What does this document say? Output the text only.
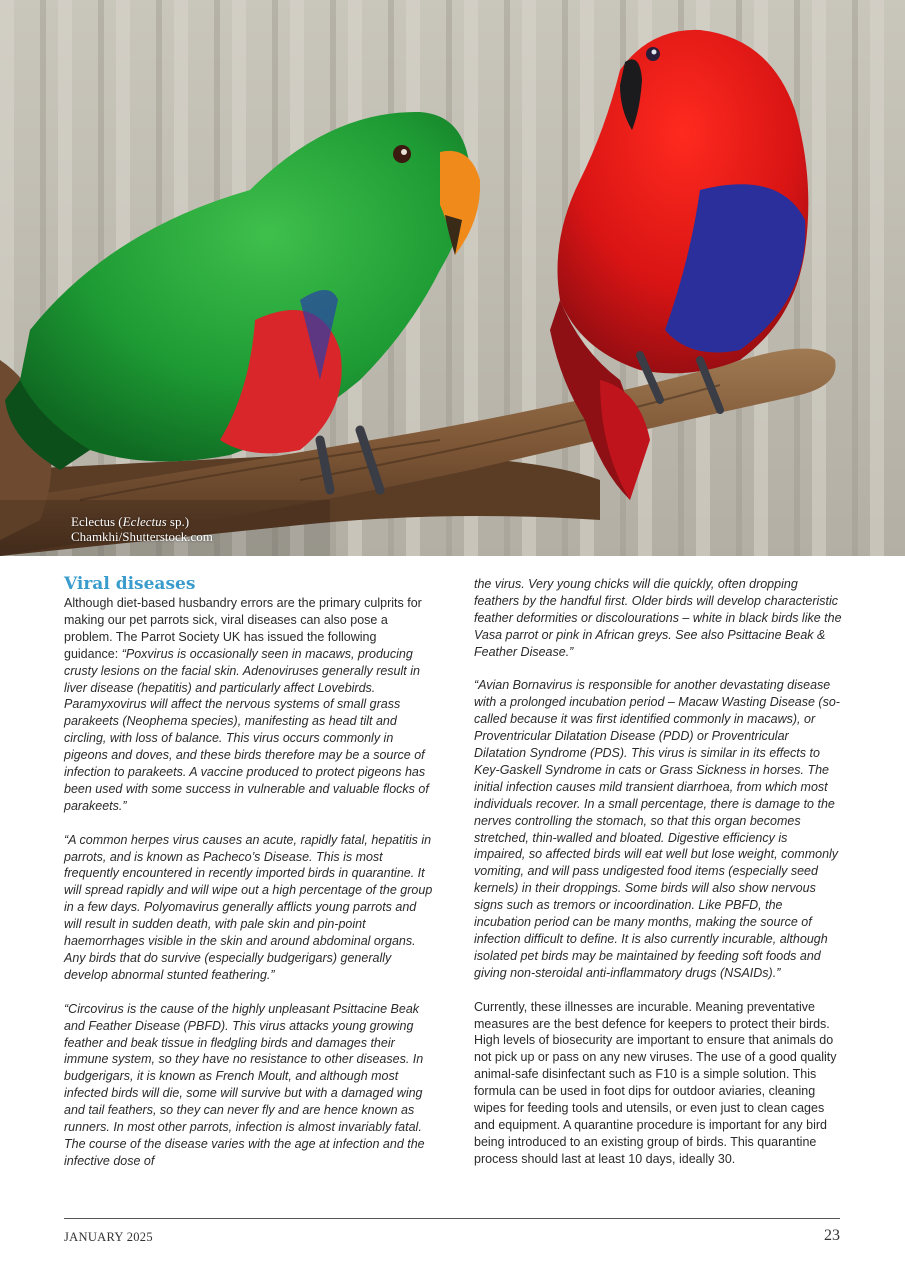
Eclectus (Eclectus sp.)
Chamkhi/Shutterstock.com
Viral diseases

Although diet-based husbandry errors are the primary culprits for making our pet parrots sick, viral diseases can also pose a problem. The Parrot Society UK has issued the following guidance: “Poxvirus is occasionally seen in macaws, producing crusty lesions on the facial skin. Adenoviruses generally result in liver disease (hepatitis) and particularly affect Lovebirds. Paramyxovirus will affect the nervous systems of small grass parakeets (Neophema species), manifesting as head tilt and circling, with loss of balance. This virus occurs commonly in pigeons and doves, and these birds therefore may be a source of infection to parakeets. A vaccine produced to protect pigeons has been used with some success in vulnerable and valuable flocks of parakeets.”

“A common herpes virus causes an acute, rapidly fatal, hepatitis in parrots, and is known as Pacheco’s Disease. This is most frequently encountered in recently imported birds in quarantine. It will spread rapidly and will wipe out a high percentage of the group in a few days. Polyomavirus generally afflicts young parrots and will result in sudden death, with pale skin and pin-point haemorrhages visible in the skin and around abdominal organs. Any birds that do survive (especially budgerigars) generally develop abnormal stunted feathering.”

“Circovirus is the cause of the highly unpleasant Psittacine Beak and Feather Disease (PBFD). This virus attacks young growing feather and beak tissue in fledgling birds and damages their immune system, so they have no resistance to other diseases. In budgerigars, it is known as French Moult, and although most infected birds will die, some will survive but with a damaged wing and tail feathers, so they can never fly and are hence known as runners. In most other parrots, infection is almost invariably fatal. The course of the disease varies with the age at infection and the infective dose of

the virus. Very young chicks will die quickly, often dropping feathers by the handful first. Older birds will develop characteristic feather deformities or discolourations – white in black birds like the Vasa parrot or pink in African greys. See also Psittacine Beak & Feather Disease.”

“Avian Bornavirus is responsible for another devastating disease with a prolonged incubation period – Macaw Wasting Disease (so-called because it was first identified commonly in macaws), or Proventricular Dilatation Disease (PDD) or Proventricular Dilatation Syndrome (PDS). This virus is similar in its effects to Key-Gaskell Syndrome in cats or Grass Sickness in horses. The initial infection causes mild transient diarrhoea, from which most individuals recover. In a small percentage, there is damage to the nerves controlling the stomach, so that this organ becomes stretched, thin-walled and bloated. Digestive efficiency is impaired, so affected birds will eat well but lose weight, commonly vomiting, and will pass undigested food items (especially seed kernels) in their droppings. Some birds will also show nervous signs such as tremors or incoordination. Like PBFD, the incubation period can be many months, making the source of infection difficult to define. It is also currently incurable, although isolated pet birds may be maintained by feeding soft foods and giving non-steroidal anti-inflammatory drugs (NSAIDs).”

Currently, these illnesses are incurable. Meaning preventative measures are the best defence for keepers to protect their birds. High levels of biosecurity are important to ensure that animals do not pick up or pass on any new viruses. The use of a good quality animal-safe disinfectant such as F10 is a simple solution. This formula can be used in foot dips for outdoor aviaries, cleaning wipes for feeding tools and utensils, or even just to clean cages and equipment. A quarantine procedure is important for any bird being introduced to an existing group of birds. This quarantine process should last at least 10 days, ideally 30.

JANUARY 2025	23
